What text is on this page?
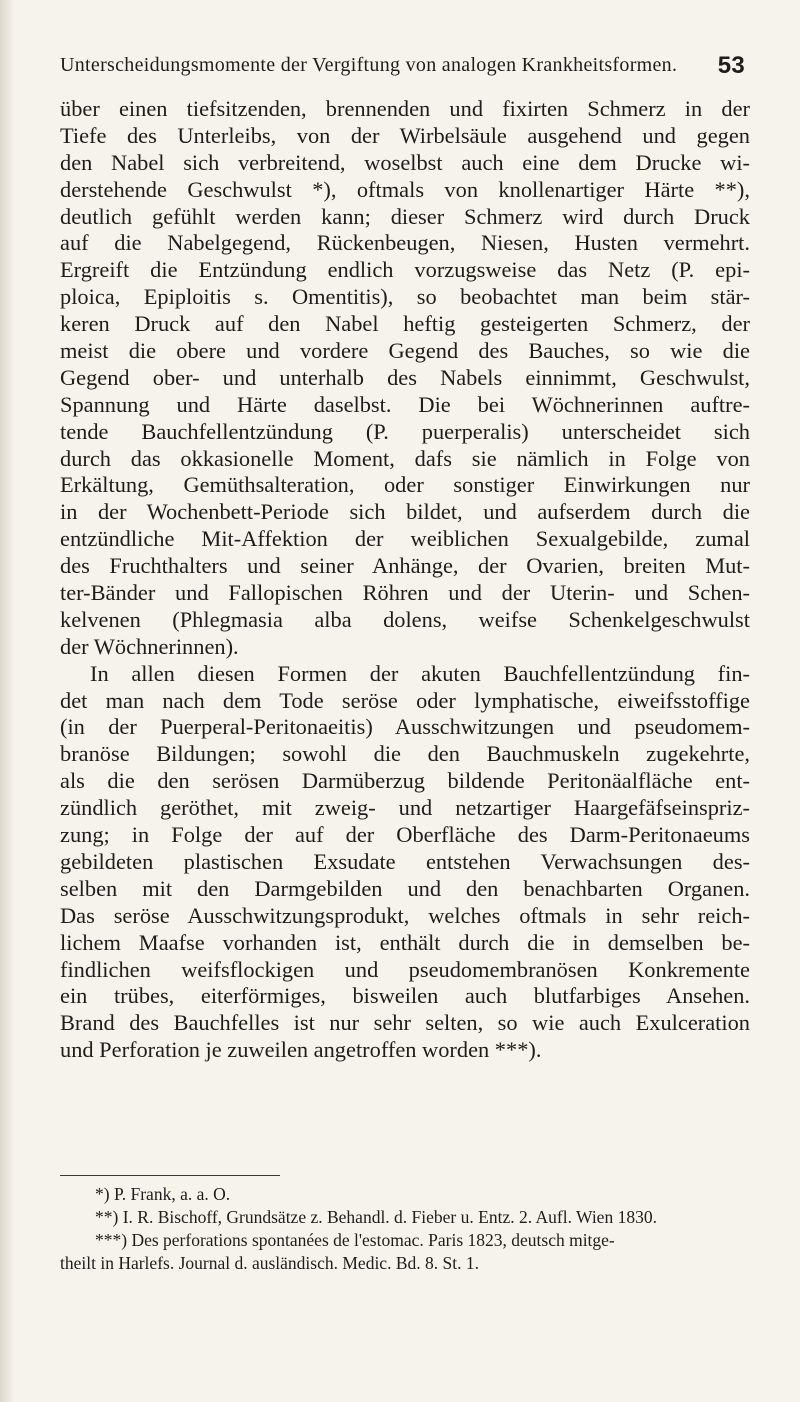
Unterscheidungsmomente der Vergiftung von analogen Krankheitsformen. 53
über einen tiefsitzenden, brennenden und fixirten Schmerz in der
Tiefe des Unterleibs, von der Wirbelsäule ausgehend und gegen
den Nabel sich verbreitend, woselbst auch eine dem Drucke wi-
derstehende Geschwulst *), oftmals von knollenartiger Härte **),
deutlich gefühlt werden kann; dieser Schmerz wird durch Druck
auf die Nabelgegend, Rückenbeugen, Niesen, Husten vermehrt.
Ergreift die Entzündung endlich vorzugsweise das Netz (P. epi-
ploica, Epiploitis s. Omentitis), so beobachtet man beim stär-
keren Druck auf den Nabel heftig gesteigerten Schmerz, der
meist die obere und vordere Gegend des Bauches, so wie die
Gegend ober- und unterhalb des Nabels einnimmt, Geschwulst,
Spannung und Härte daselbst. Die bei Wöchnerinnen auftre-
tende Bauchfellentzündung (P. puerperalis) unterscheidet sich
durch das okkasionelle Moment, dafs sie nämlich in Folge von
Erkältung, Gemüthsalteration, oder sonstiger Einwirkungen nur
in der Wochenbett-Periode sich bildet, und aufserdem durch die
entzündliche Mit-Affektion der weiblichen Sexualgebilde, zumal
des Fruchthalters und seiner Anhänge, der Ovarien, breiten Mut-
ter-Bänder und Fallopischen Röhren und der Uterin- und Schen-
kelvenen (Phlegmasia alba dolens, weifse Schenkelgeschwulst
der Wöchnerinnen).
In allen diesen Formen der akuten Bauchfellentzündung fin-
det man nach dem Tode seröse oder lymphatische, eiweifsstoffige
(in der Puerperal-Peritonaeitis) Ausschwitzungen und pseudomem-
branöse Bildungen; sowohl die den Bauchmuskeln zugekehrte,
als die den serösen Darmüberzug bildende Peritonäalfläche ent-
zündlich geröthet, mit zweig- und netzartiger Haargefäfseinspriz-
zung; in Folge der auf der Oberfläche des Darm-Peritonaeums
gebildeten plastischen Exsudate entstehen Verwachsungen des-
selben mit den Darmgebilden und den benachbarten Organen.
Das seröse Ausschwitzungsprodukt, welches oftmals in sehr reich-
lichem Maafse vorhanden ist, enthält durch die in demselben be-
findlichen weifsflockigen und pseudomembranösen Konkremente
ein trübes, eiterförmiges, bisweilen auch blutfarbiges Ansehen.
Brand des Bauchfelles ist nur sehr selten, so wie auch Exulceration
und Perforation je zuweilen angetroffen worden ***).
*) P. Frank, a. a. O.
**) I. R. Bischoff, Grundsätze z. Behandl. d. Fieber u. Entz. 2. Aufl. Wien 1830.
***) Des perforations spontanées de l'estomac. Paris 1823, deutsch mitge-
theilt in Harlefs. Journal d. ausländisch. Medic. Bd. 8. St. 1.
